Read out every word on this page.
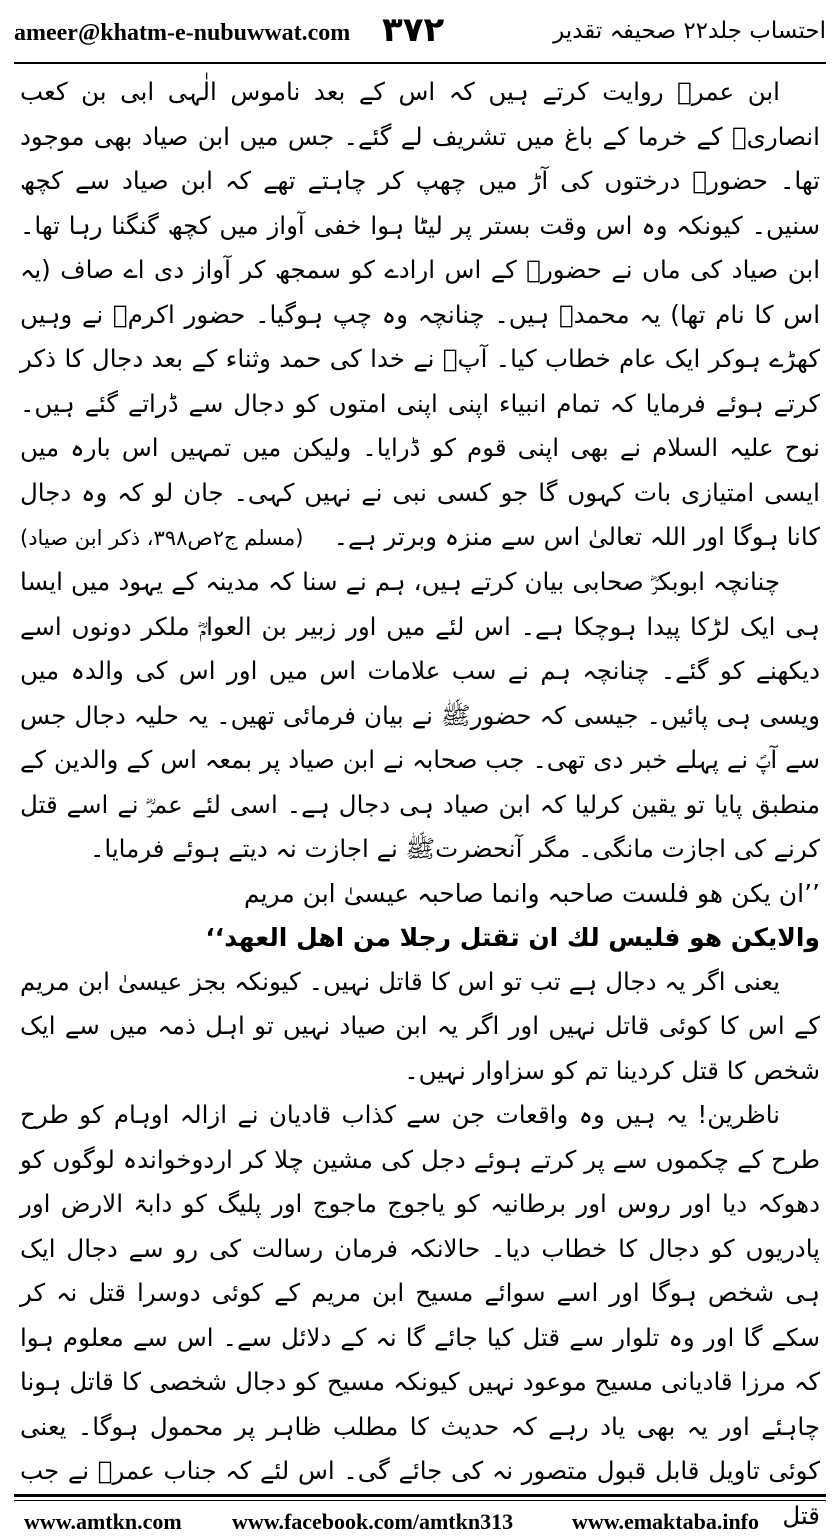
ameer@khatm-e-nubuwwat.com ۳۷۲	احتساب جلد۲۲ صحیفہ تقدیر

ابن عمرؓ روایت کرتے ہیں کہ اس کے بعد ناموس الٰہی ابی بن کعب انصاریؓ کے خرما کے باغ میں تشریف لے گئے۔ جس میں ابن صیاد بھی موجود تھا۔ حضورﷺ درختوں کی آڑ میں چھپ کر چاہتے تھے کہ ابن صیاد سے کچھ سنیں۔ کیونکہ وہ اس وقت بستر پر لیٹا ہوا خفی آواز میں کچھ گنگنا رہا تھا۔ ابن صیاد کی ماں نے حضورﷺ کے اس ارادے کو سمجھ کر آواز دی اے صاف (یہ اس کا نام تھا) یہ محمدﷺ ہیں۔ چنانچہ وہ چپ ہوگیا۔ حضور اکرمﷺ نے وہیں کھڑے ہوکر ایک عام خطاب کیا۔ آپؐ نے خدا کی حمد وثناء کے بعد دجال کا ذکر کرتے ہوئے فرمایا کہ تمام انبیاء اپنی اپنی امتوں کو دجال سے ڈراتے گئے ہیں۔ نوح علیہ السلام نے بھی اپنی قوم کو ڈرایا۔ ولیکن میں تمہیں اس بارہ میں ایسی امتیازی بات کہوں گا جو کسی نبی نے نہیں کہی۔ جان لو کہ وہ دجال کانا ہوگا اور اللہ تعالیٰ اس سے منزہ وبرتر ہے۔

(مسلم ج۲ص۳۹۸، ذکر ابن صیاد)

چنانچہ ابوبکرؓ صحابی بیان کرتے ہیں، ہم نے سنا کہ مدینہ کے یہود میں ایسا ہی ایک لڑکا پیدا ہوچکا ہے۔ اس لئے میں اور زبیر بن العوامؓ ملکر دونوں اسے دیکھنے کو گئے۔ چنانچہ ہم نے سب علامات اس میں اور اس کی والدہ میں ویسی ہی پائیں۔ جیسی کہ حضورﷺ نے بیان فرمائی تھیں۔ یہ حلیہ دجال جس سے آپؐ نے پہلے خبر دی تھی۔ جب صحابہ نے ابن صیاد پر بمعہ اس کے والدین کے منطبق پایا تو یقین کرلیا کہ ابن صیاد ہی دجال ہے۔ اسی لئے عمرؓ نے اسے قتل کرنے کی اجازت مانگی۔ مگر آنحضرتﷺ نے اجازت نہ دیتے ہوئے فرمایا۔

’’ان یکن ھو فلست صاحبہ وانما صاحبہ عیسیٰ ابن مریم

والایکن ھو فلیس لك ان تقتل رجلا من اھل العھد‘‘

یعنی اگر یہ دجال ہے تب تو اس کا قاتل نہیں۔ کیونکہ بجز عیسیٰ ابن مریم کے اس کا کوئی قاتل نہیں اور اگر یہ ابن صیاد نہیں تو اہل ذمہ میں سے ایک شخص کا قتل کردینا تم کو سزاوار نہیں۔

ناظرین! یہ ہیں وہ واقعات جن سے کذاب قادیان نے ازالہ اوہام کو طرح طرح کے چکموں سے پر کرتے ہوئے دجل کی مشین چلا کر اردوخواندہ لوگوں کو دھوکہ دیا اور روس اور برطانیہ کو یاجوج ماجوج اور پلیگ کو دابۃ الارض اور پادریوں کو دجال کا خطاب دیا۔ حالانکہ فرمان رسالت کی رو سے دجال ایک ہی شخص ہوگا اور اسے سوائے مسیح ابن مریم کے کوئی دوسرا قتل نہ کر سکے گا اور وہ تلوار سے قتل کیا جائے گا نہ کے دلائل سے۔ اس سے معلوم ہوا کہ مرزا قادیانی مسیح موعود نہیں کیونکہ مسیح کو دجال شخصی کا قاتل ہونا چاہئے اور یہ بھی یاد رہے کہ حدیث کا مطلب ظاہر پر محمول ہوگا۔ یعنی کوئی تاویل قابل قبول متصور نہ کی جائے گی۔ اس لئے کہ جناب عمرؓ نے جب قتل

www.amtkn.com www.facebook.com/amtkn313	www.emaktaba.info
